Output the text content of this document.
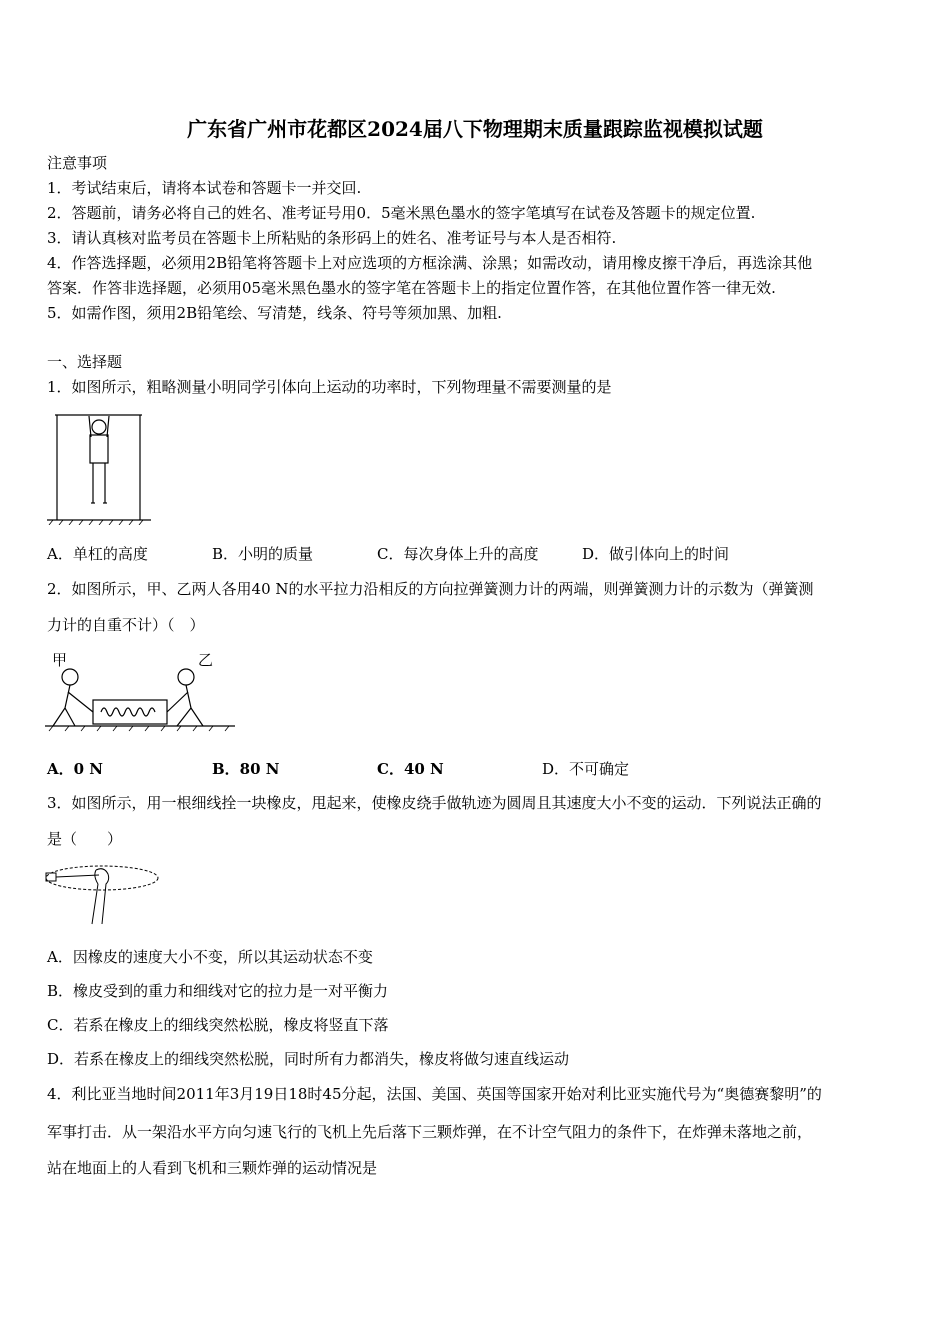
广东省广州市花都区2024届八下物理期末质量跟踪监视模拟试题
注意事项
1．考试结束后，请将本试卷和答题卡一并交回.
2．答题前，请务必将自己的姓名、准考证号用0．5毫米黑色墨水的签字笔填写在试卷及答题卡的规定位置.
3．请认真核对监考员在答题卡上所粘贴的条形码上的姓名、准考证号与本人是否相符.
4．作答选择题，必须用2B铅笔将答题卡上对应选项的方框涂满、涂黑；如需改动，请用橡皮擦干净后，再选涂其他
答案．作答非选择题，必须用05毫米黑色墨水的签字笔在答题卡上的指定位置作答，在其他位置作答一律无效.
5．如需作图，须用2B铅笔绘、写清楚，线条、符号等须加黑、加粗.
一、选择题
1．如图所示，粗略测量小明同学引体向上运动的功率时，下列物理量不需要测量的是
A．单杠的高度	B．小明的质量	C．每次身体上升的高度	D．做引体向上的时间
2．如图所示，甲、乙两人各用40 N的水平拉力沿相反的方向拉弹簧测力计的两端，则弹簧测力计的示数为（弹簧测
力计的自重不计）（　）
甲	乙
A．0 N	B．80 N	C．40 N	D．不可确定
3．如图所示，用一根细线拴一块橡皮，甩起来，使橡皮绕手做轨迹为圆周且其速度大小不变的运动．下列说法正确的
是（　　）
A．因橡皮的速度大小不变，所以其运动状态不变
B．橡皮受到的重力和细线对它的拉力是一对平衡力
C．若系在橡皮上的细线突然松脱，橡皮将竖直下落
D．若系在橡皮上的细线突然松脱，同时所有力都消失，橡皮将做匀速直线运动
4．利比亚当地时间2011年3月19日18时45分起，法国、美国、英国等国家开始对利比亚实施代号为“奥德赛黎明”的
军事打击．从一架沿水平方向匀速飞行的飞机上先后落下三颗炸弹，在不计空气阻力的条件下，在炸弹未落地之前，
站在地面上的人看到飞机和三颗炸弹的运动情况是
